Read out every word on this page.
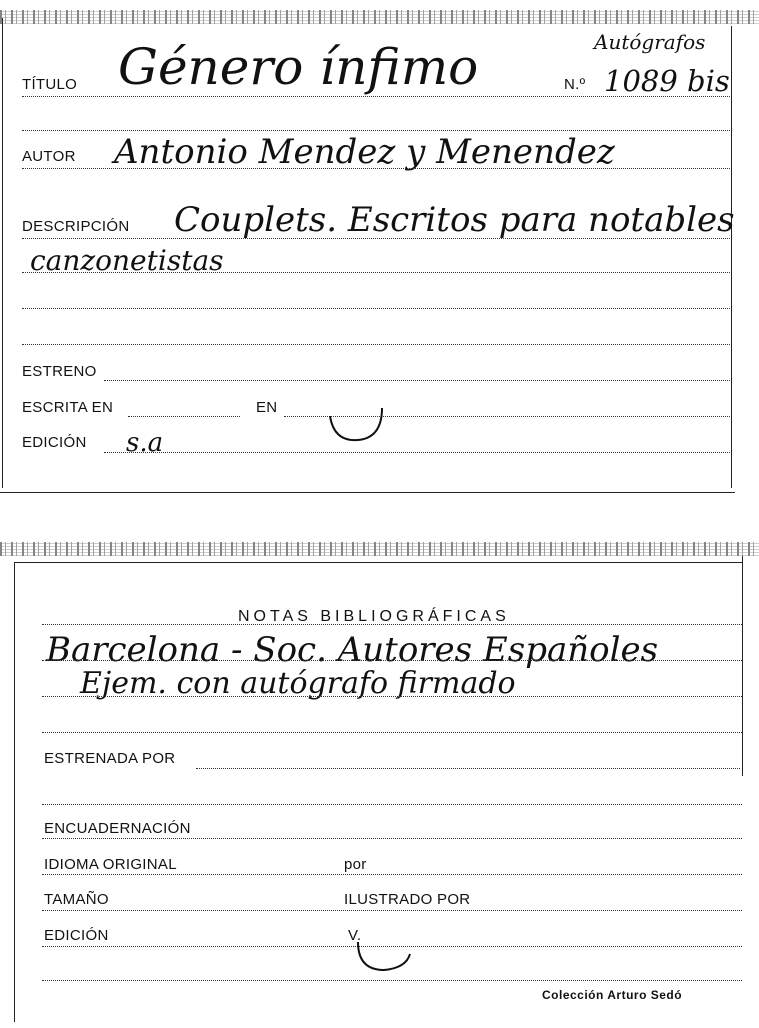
Autógrafos
TÍTULO Género ínfimo	N.º 1089 bis
AUTOR Antonio Mendez y Menendez
DESCRIPCIÓN Couplets. Escritos para notables
canzonetistas
ESTRENO
ESCRITA EN	EN
EDICIÓN s.a
NOTAS BIBLIOGRÁFICAS
Barcelona - Soc. Autores Españoles
Ejem. con autógrafo firmado
ESTRENADA POR
ENCUADERNACIÓN
IDIOMA ORIGINAL	por
TAMAÑO	ILUSTRADO POR
EDICIÓN	V.
Colección Arturo Sedó
